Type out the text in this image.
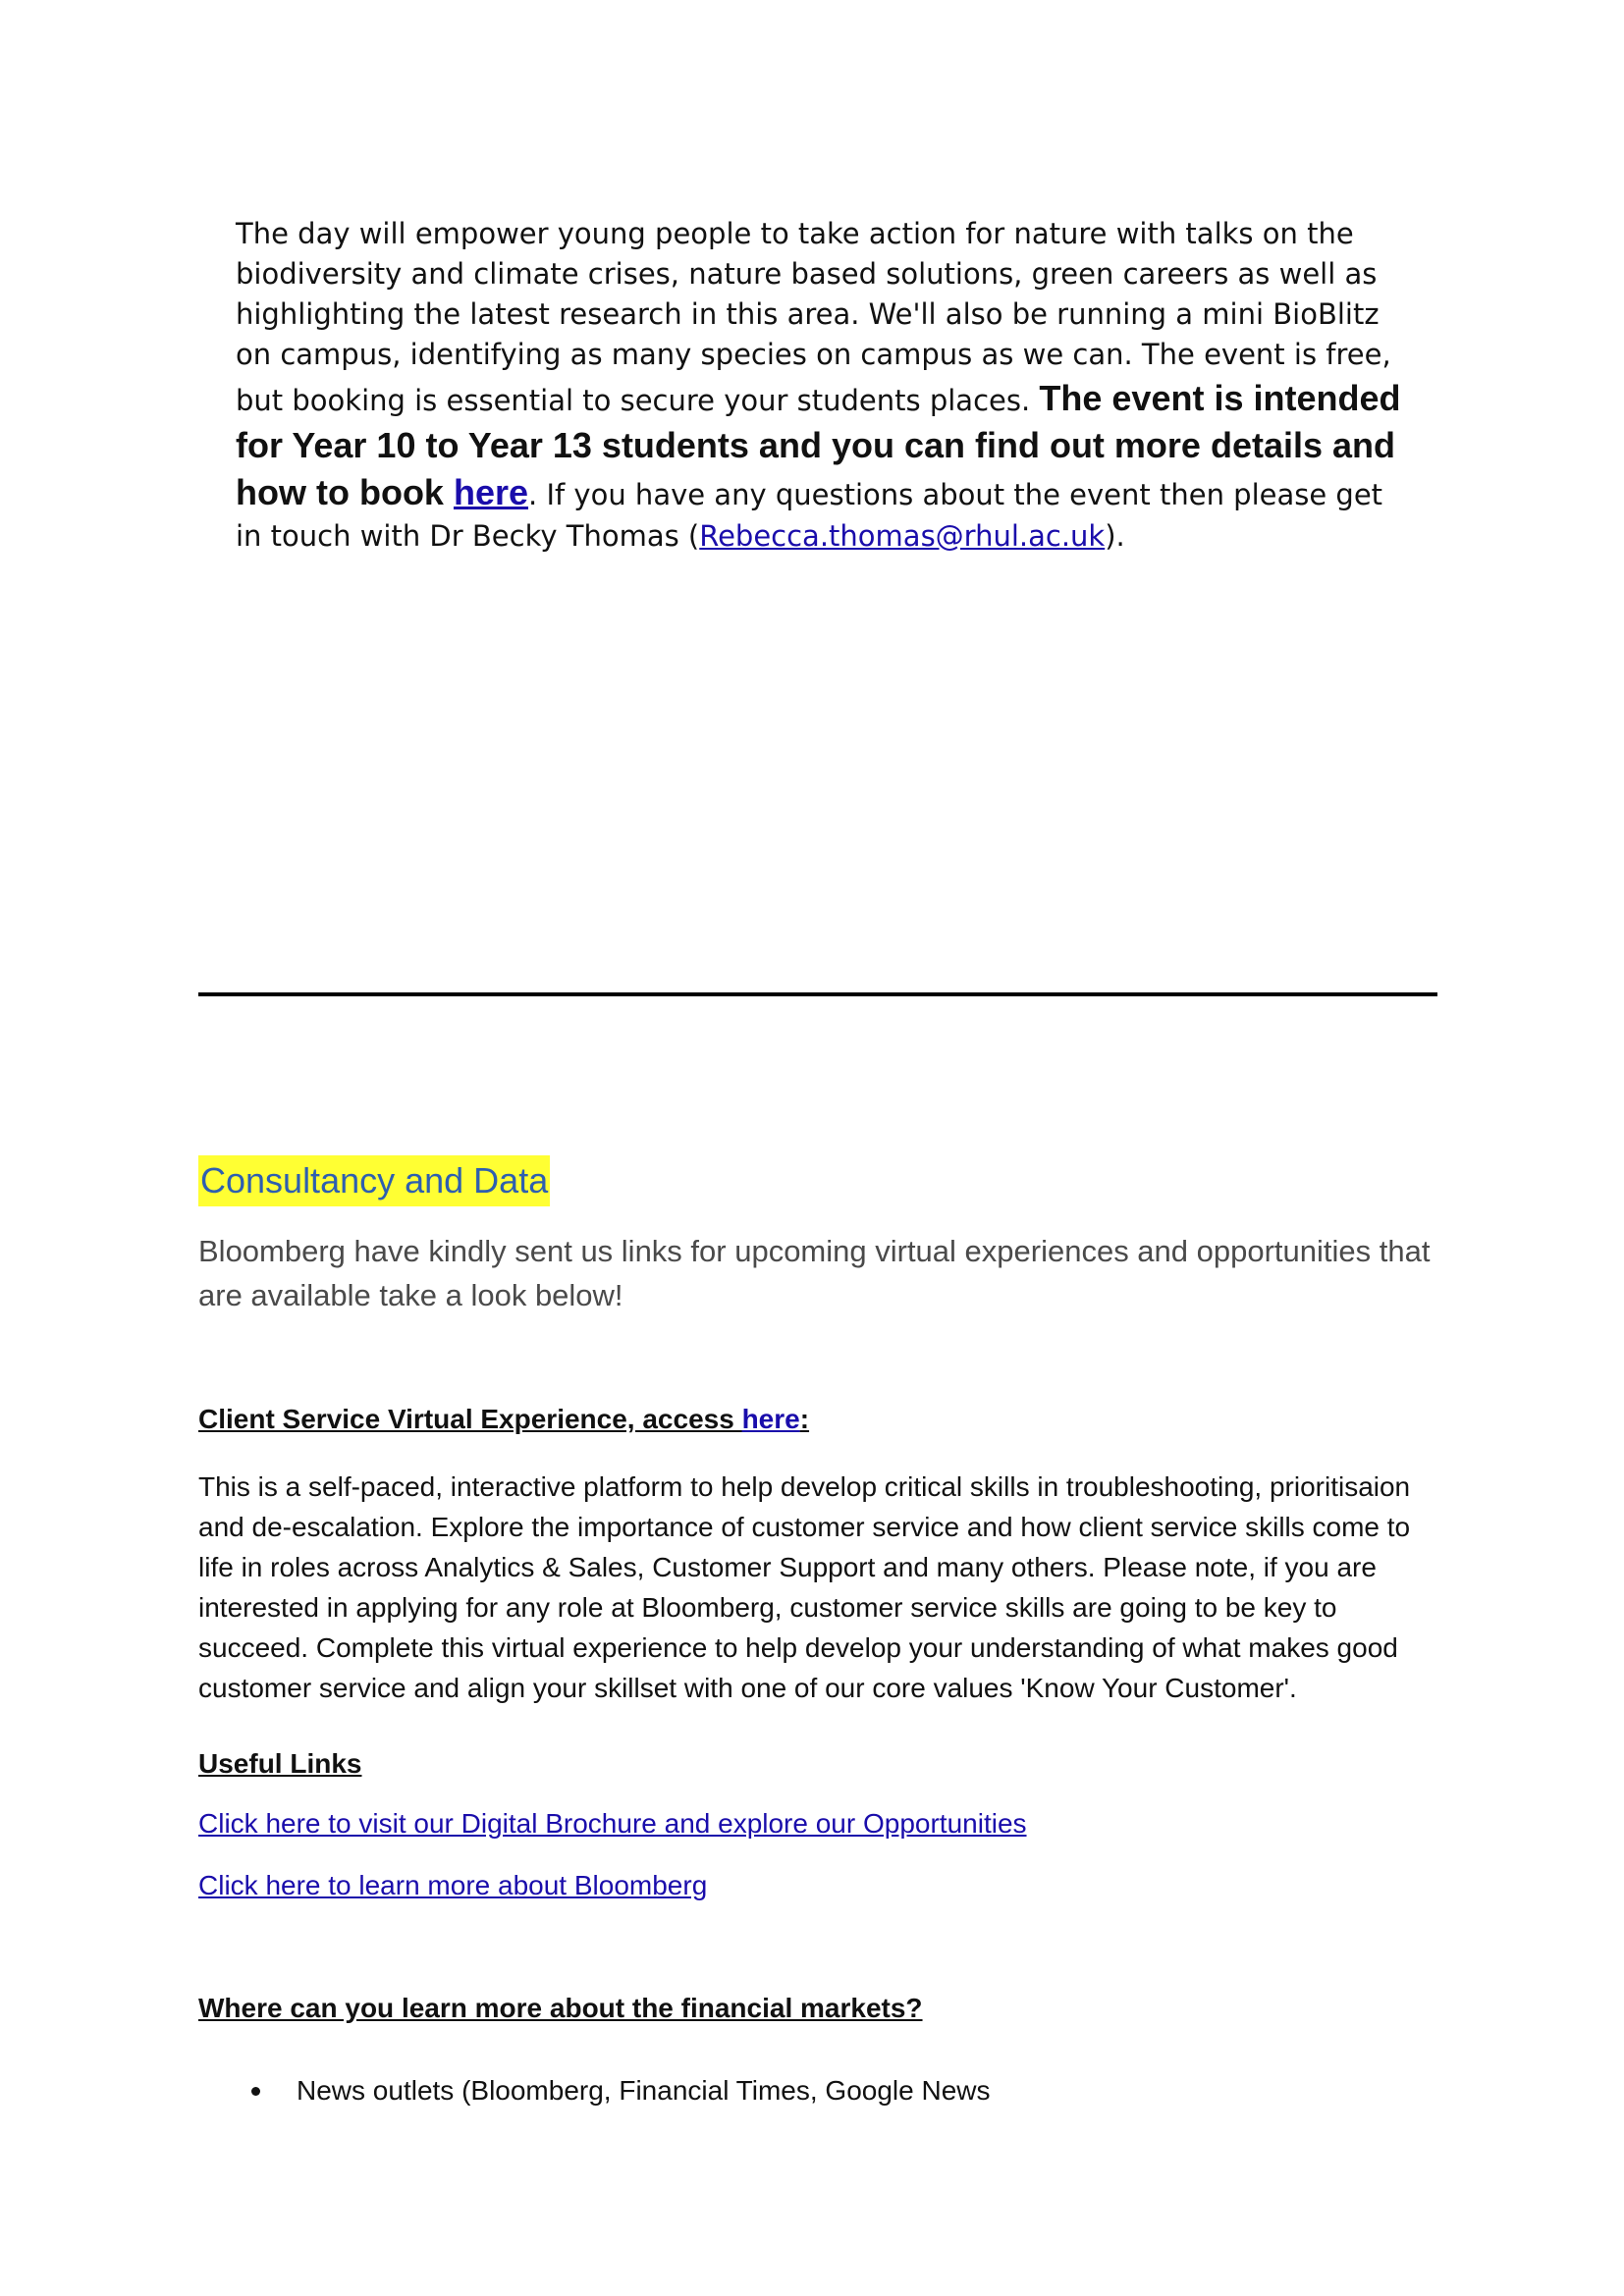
The day will empower young people to take action for nature with talks on the biodiversity and climate crises, nature based solutions, green careers as well as highlighting the latest research in this area. We'll also be running a mini BioBlitz on campus, identifying as many species on campus as we can. The event is free, but booking is essential to secure your students places. The event is intended for Year 10 to Year 13 students and you can find out more details and how to book here. If you have any questions about the event then please get in touch with Dr Becky Thomas (Rebecca.thomas@rhul.ac.uk).
Consultancy and Data
Bloomberg have kindly sent us links for upcoming virtual experiences and opportunities that are available take a look below!
Client Service Virtual Experience, access here:
This is a self-paced, interactive platform to help develop critical skills in troubleshooting, prioritisaion and de-escalation. Explore the importance of customer service and how client service skills come to life in roles across Analytics & Sales, Customer Support and many others. Please note, if you are interested in applying for any role at Bloomberg, customer service skills are going to be key to succeed. Complete this virtual experience to help develop your understanding of what makes good customer service and align your skillset with one of our core values 'Know Your Customer'.
Useful Links
Click here to visit our Digital Brochure and explore our Opportunities
Click here to learn more about Bloomberg
Where can you learn more about the financial markets?
News outlets (Bloomberg, Financial Times, Google News
